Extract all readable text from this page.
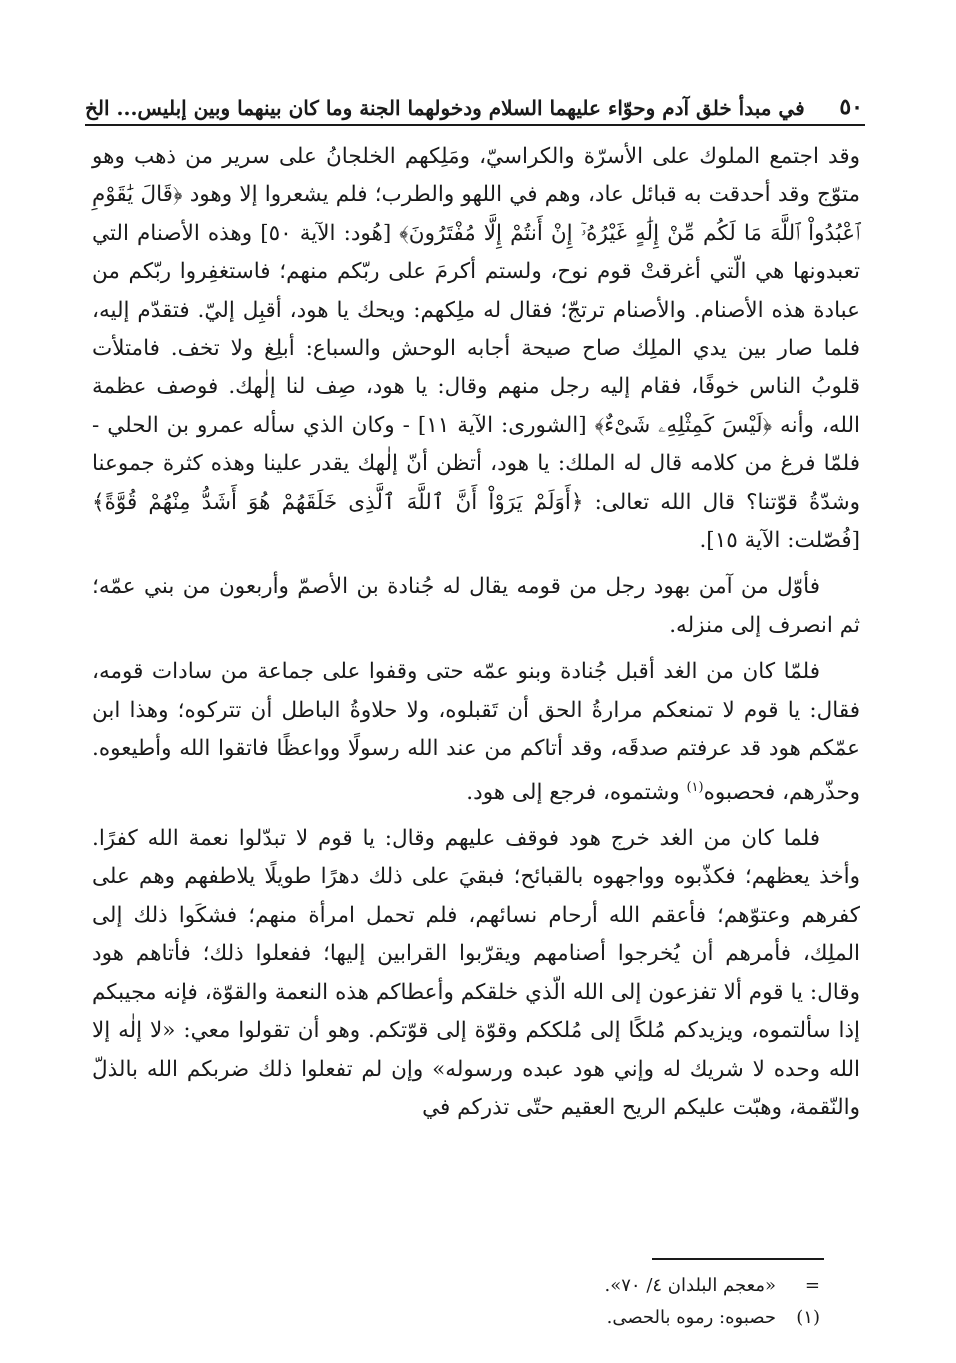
٥٠
في مبدأ خلق آدم وحوّاء عليهما السلام ودخولهما الجنة وما كان بينهما وبين إبليس... الخ

وقد اجتمع الملوك على الأسرّة والكراسيّ، ومَلِكهم الخلجانُ على سرير من ذهب وهو متوّج وقد أحدقت به قبائل عاد، وهم في اللهو والطرب؛ فلم يشعروا إلا وهود ﴿قَالَ يَٰقَوْمِ ٱعْبُدُواْ ٱللَّهَ مَا لَكُم مِّنْ إِلَٰهٍ غَيْرُهُۥٓ إِنْ أَنتُمْ إِلَّا مُفْتَرُونَ﴾ [هُود: الآية ٥٠] وهذه الأصنام التي تعبدونها هي الّتي أغرقتْ قوم نوح، ولستم أكرمَ على ربّكم منهم؛ فاستغفِروا ربّكم من عبادة هذه الأصنام. والأصنام ترتجّ؛ فقال له ملِكهم: ويحك يا هود، أقبِل إليّ. فتقدّم إليه، فلما صار بين يدي الملِك صاح صيحة أجابه الوحش والسباع: أبلِغ ولا تخف. فامتلأت قلوبُ الناس خوفًا، فقام إليه رجل منهم وقال: يا هود، صِف لنا إلٰهك. فوصف عظمة الله، وأنه ﴿لَيْسَ كَمِثْلِهِۦ شَىْءٌ﴾ [الشورى: الآية ١١] - وكان الذي سأله عمرو بن الحلي - فلمّا فرغ من كلامه قال له الملك: يا هود، أتظن أنّ إلٰهك يقدر علينا وهذه كثرة جموعنا وشدّةُ قوّتنا؟ قال الله تعالى: ﴿أَوَلَمْ يَرَوْاْ أَنَّ ٱللَّهَ ٱلَّذِى خَلَقَهُمْ هُوَ أَشَدُّ مِنْهُمْ قُوَّةً﴾ [فُصّلت: الآية ١٥].

فأوّل من آمن بهود رجل من قومه يقال له جُنادة بن الأصمّ وأربعون من بني عمّه؛ ثم انصرف إلى منزله.

فلمّا كان من الغد أقبل جُنادة وبنو عمّه حتى وقفوا على جماعة من سادات قومه، فقال: يا قوم لا تمنعكم مرارةُ الحق أن تَقبلوه، ولا حلاوةُ الباطل أن تتركوه؛ وهذا ابن عمّكم هود قد عرفتم صدقَه، وقد أتاكم من عند الله رسولًا وواعظًا فاتقوا الله وأطيعوه. وحذّرهم، فحصبوه$^{(١)}$ وشتموه، فرجع إلى هود.

فلما كان من الغد خرج هود فوقف عليهم وقال: يا قوم لا تبدّلوا نعمة الله كفرًا. وأخذ يعظهم؛ فكذّبوه وواجهوه بالقبائح؛ فبقيَ على ذلك دهرًا طويلًا يلاطفهم وهم على كفرهم وعتوّهم؛ فأعقم الله أرحام نسائهم، فلم تحمل امرأة منهم؛ فشكَوا ذلك إلى الملِك، فأمرهم أن يُخرجوا أصنامهم ويقرّبوا القرابين إليها؛ ففعلوا ذلك؛ فأتاهم هود وقال: يا قوم ألا تفزعون إلى الله الّذي خلقكم وأعطاكم هذه النعمة والقوّة، فإنه مجيبكم إذا سألتموه، ويزيدكم مُلكًا إلى مُلككم وقوّة إلى قوّتكم. وهو أن تقولوا معي: «لا إلٰه إلا الله وحده لا شريك له وإني هود عبده ورسوله» وإن لم تفعلوا ذلك ضربكم الله بالذلّ والنّقمة، وهبّت عليكم الريح العقيم حتّى تذركم في

=
«معجم البلدان ٤/ ٧٠».
(١)
حصبوه: رموه بالحصى.
